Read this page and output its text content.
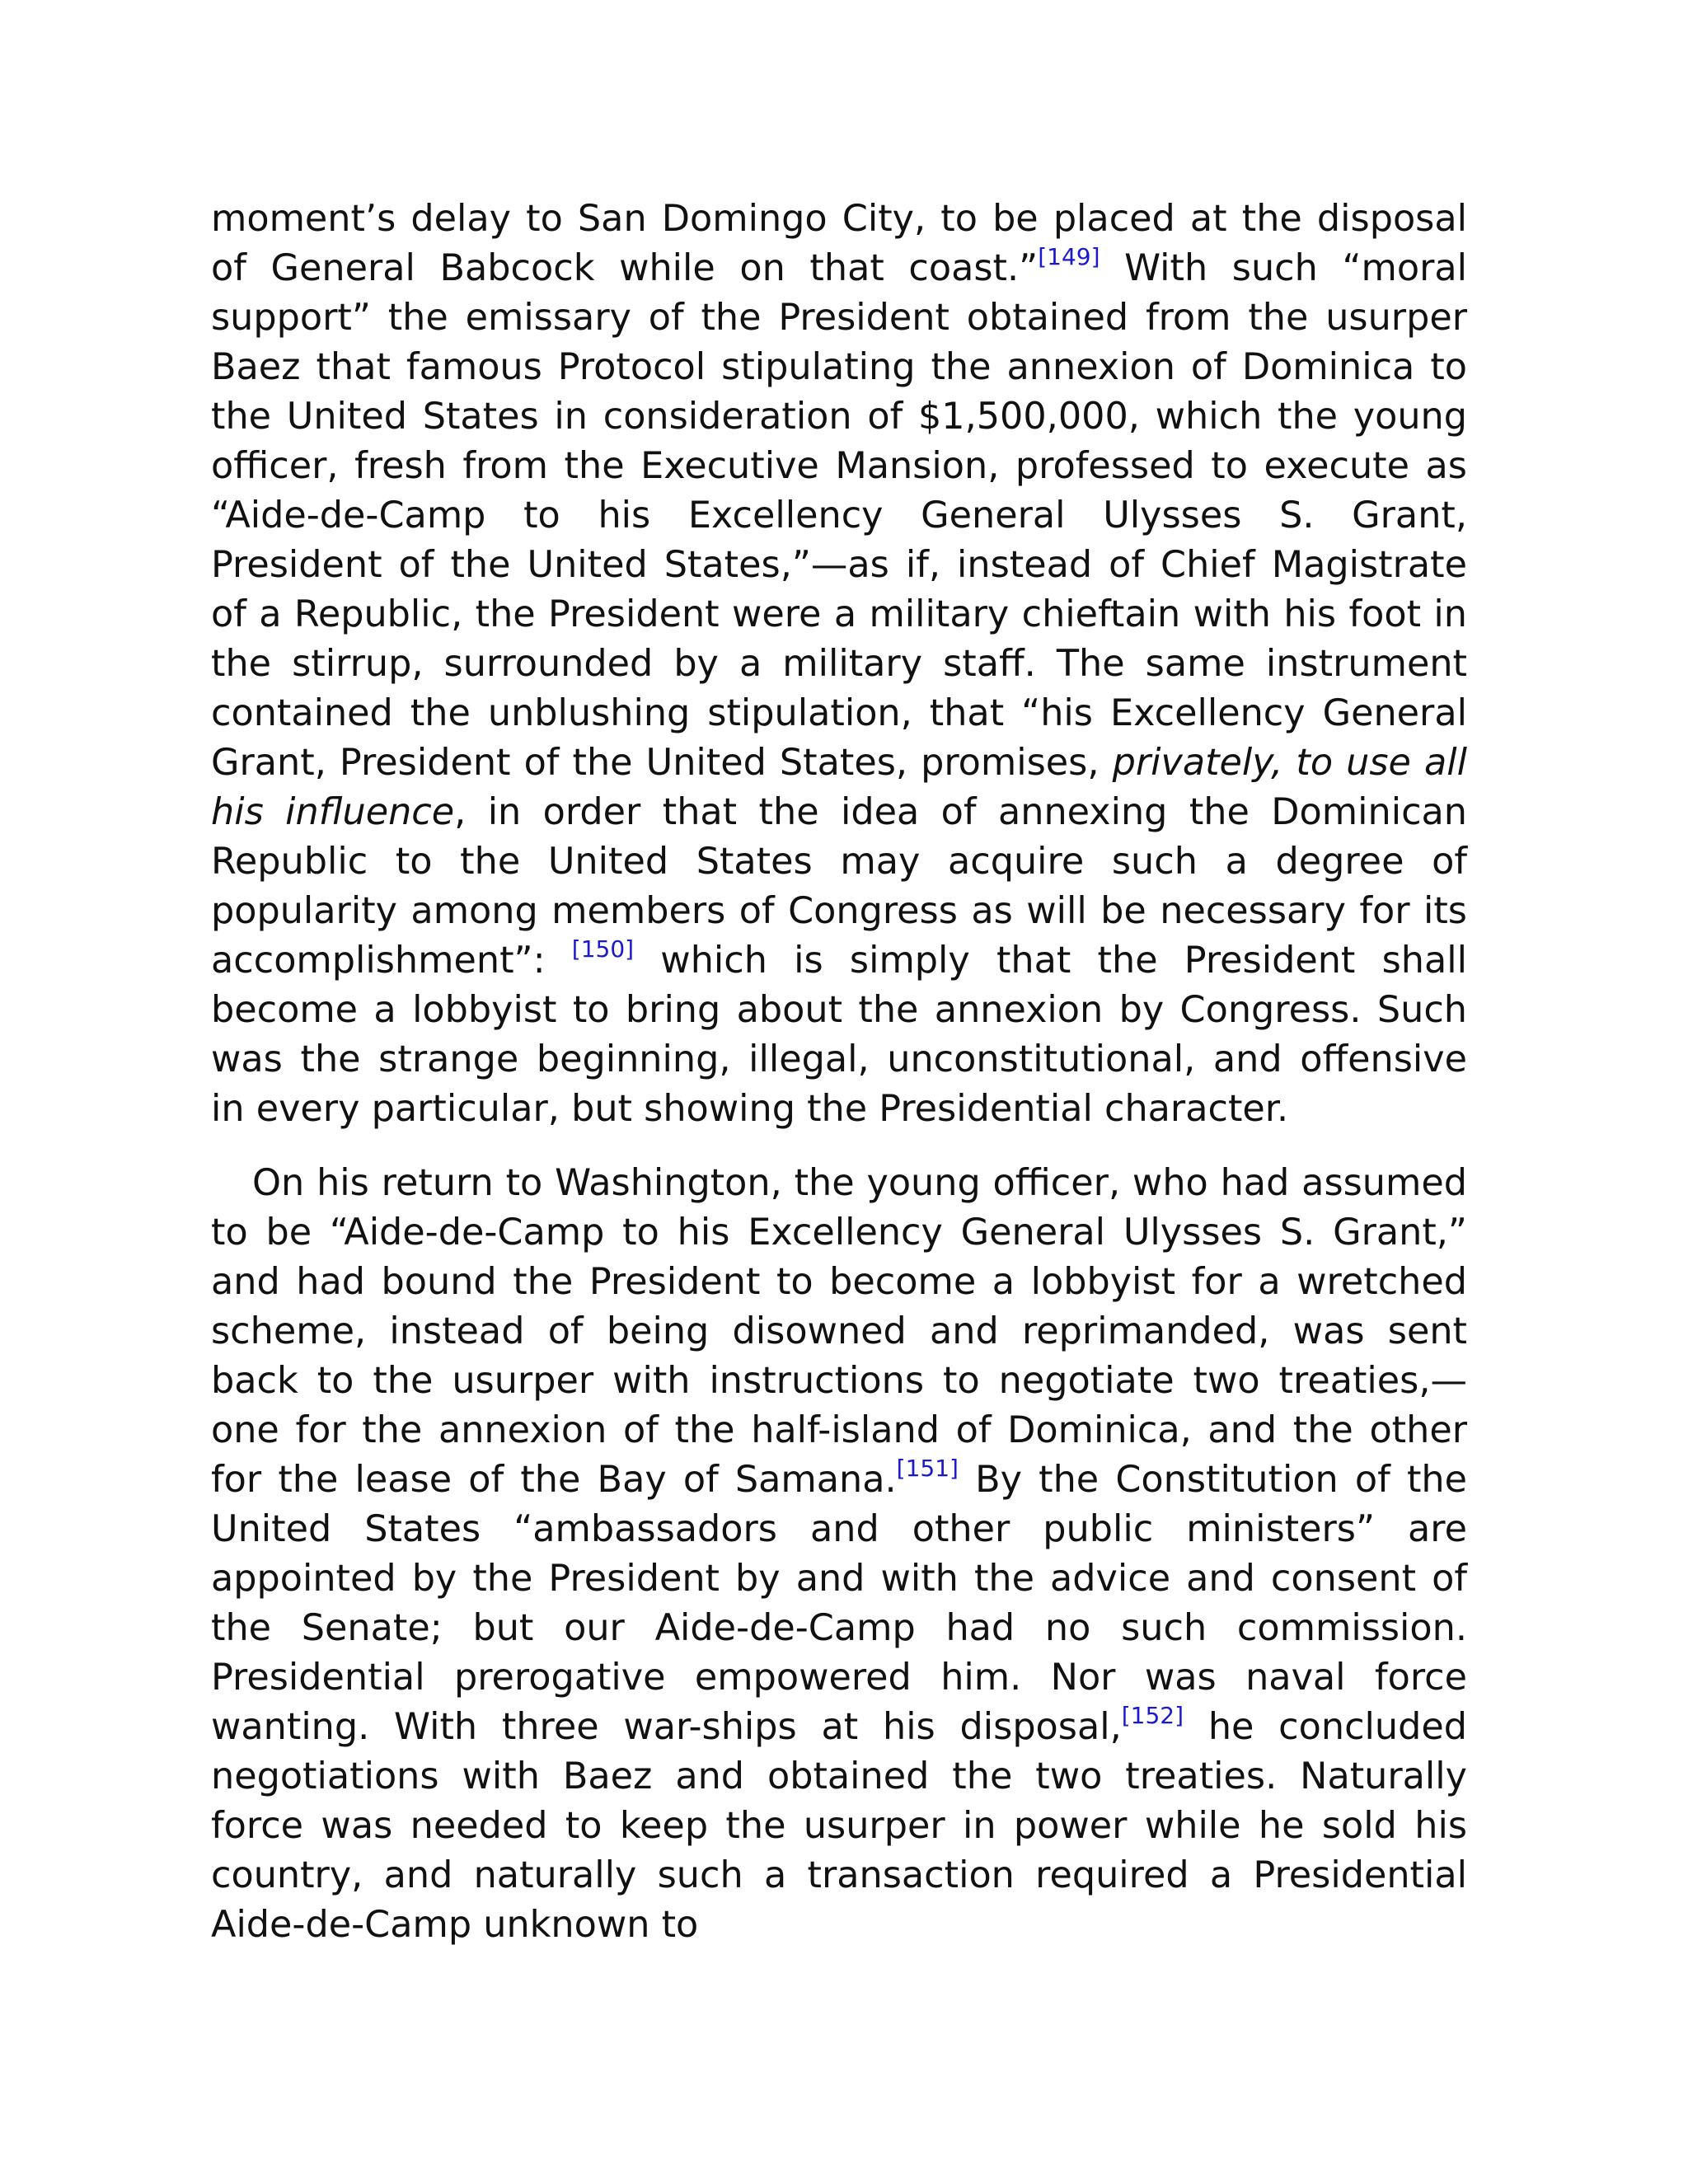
moment’s delay to San Domingo City, to be placed at the disposal of General Babcock while on that coast.”[149] With such “moral support” the emissary of the President obtained from the usurper Baez that famous Protocol stipulating the annexion of Dominica to the United States in consideration of $1,500,000, which the young officer, fresh from the Executive Mansion, professed to execute as “Aide-de-Camp to his Excellency General Ulysses S. Grant, President of the United States,”—as if, instead of Chief Magistrate of a Republic, the President were a military chieftain with his foot in the stirrup, surrounded by a military staff. The same instrument contained the unblushing stipulation, that “his Excellency General Grant, President of the United States, promises, privately, to use all his influence, in order that the idea of annexing the Dominican Republic to the United States may acquire such a degree of popularity among members of Congress as will be necessary for its accomplishment”: [150] which is simply that the President shall become a lobbyist to bring about the annexion by Congress. Such was the strange beginning, illegal, unconstitutional, and offensive in every particular, but showing the Presidential character.

On his return to Washington, the young officer, who had assumed to be “Aide-de-Camp to his Excellency General Ulysses S. Grant,” and had bound the President to become a lobbyist for a wretched scheme, instead of being disowned and reprimanded, was sent back to the usurper with instructions to negotiate two treaties,—one for the annexion of the half-island of Dominica, and the other for the lease of the Bay of Samana.[151] By the Constitution of the United States “ambassadors and other public ministers” are appointed by the President by and with the advice and consent of the Senate; but our Aide-de-Camp had no such commission. Presidential prerogative empowered him. Nor was naval force wanting. With three war-ships at his disposal,[152] he concluded negotiations with Baez and obtained the two treaties. Naturally force was needed to keep the usurper in power while he sold his country, and naturally such a transaction required a Presidential Aide-de-Camp unknown to
